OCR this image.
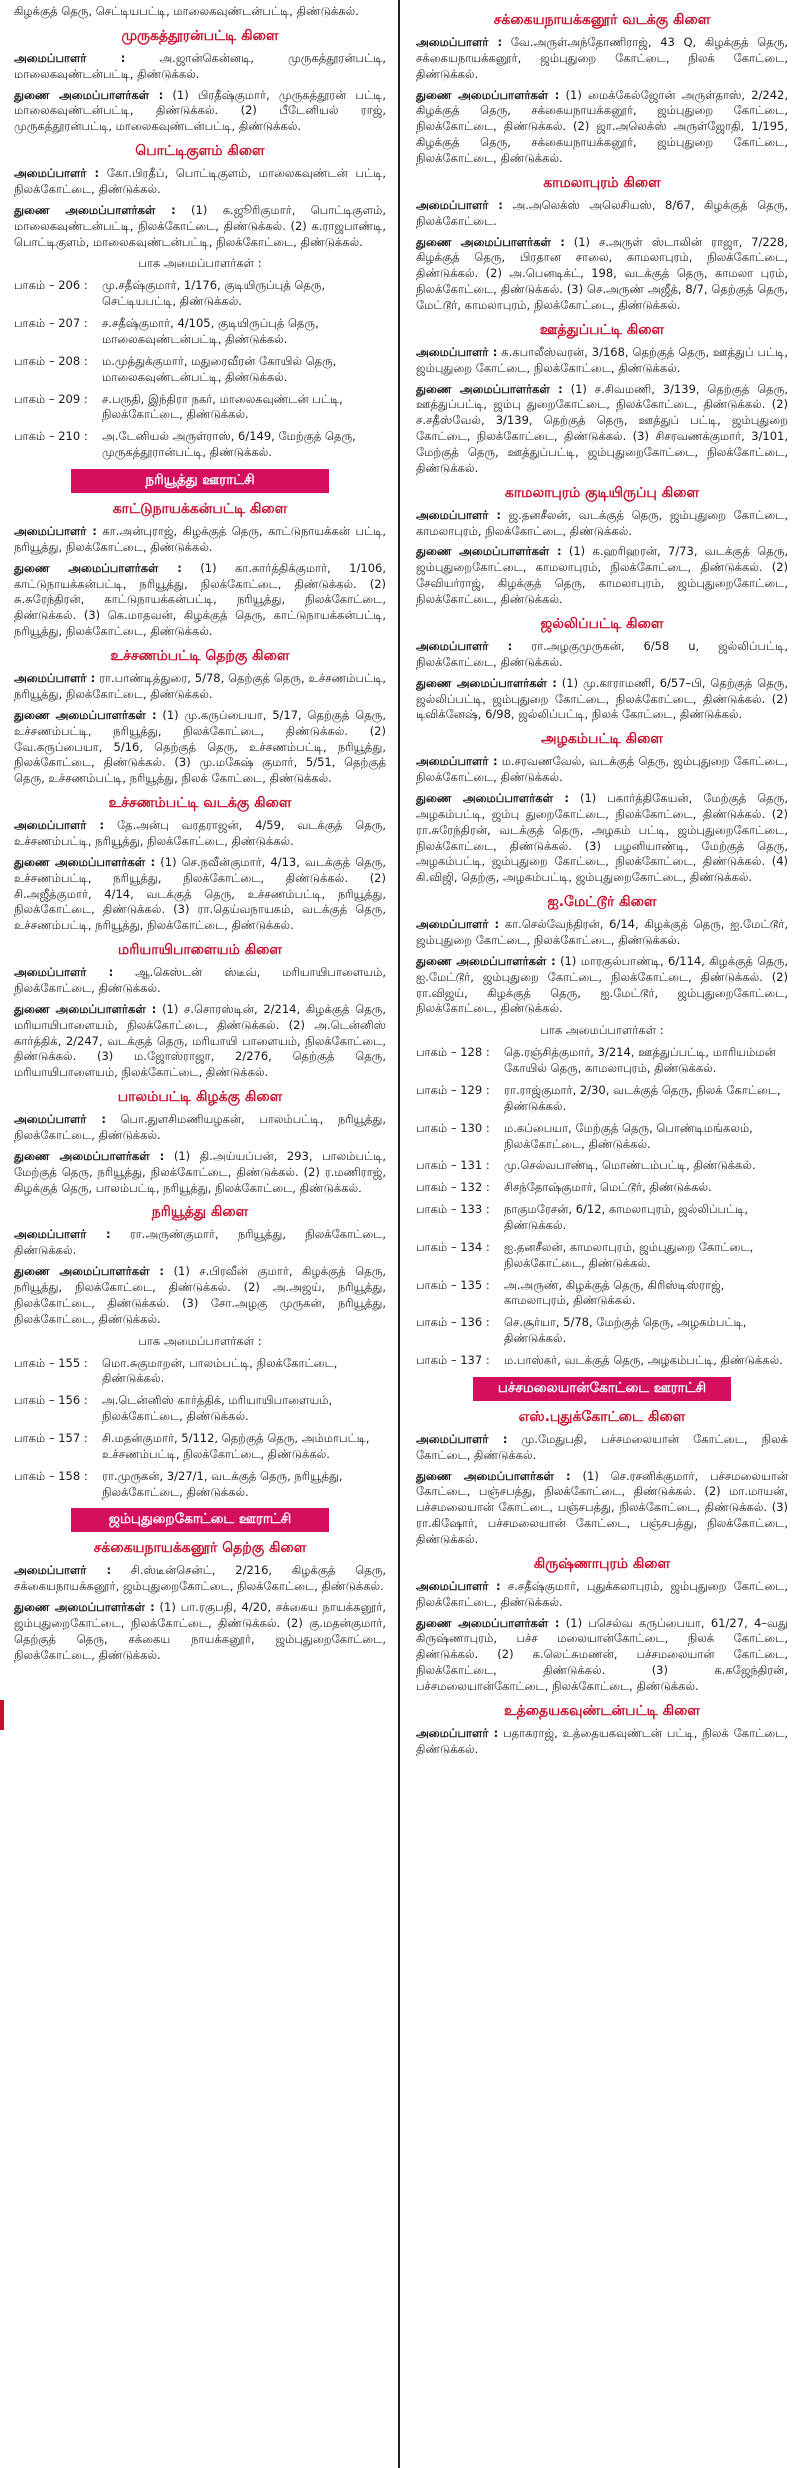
கிழக்குத் தெரு, செட்டியபட்டி, மாலைகவுண்டன்பட்டி, திண்டுக்கல்.

முருகத்தூரன்பட்டி கிளை

அமைப்பாளர் :	அ.ஜான்கென்னடி, முருகத்தூரன்பட்டி, மாலைகவுண்டன்பட்டி, திண்டுக்கல்.

துணை அமைப்பாளர்கள் : (1) பிரதீஷ்குமார், முருகத்தூரன் பட்டி, மாலைகவுண்டன்பட்டி, திண்டுக்கல். (2) பீடேனியல் ராஜ், முருகத்தூரன்பட்டி, மாலைகவுண்டன்பட்டி, திண்டுக்கல்.

பொட்டிகுளம் கிளை

அமைப்பாளர் : கோ.பிரதீப், பொட்டிகுளம், மாலைகவுண்டன் பட்டி, நிலக்கோட்டை, திண்டுக்கல்.

துணை அமைப்பாளர்கள் : (1) க.ஜூரிகுமார், பொட்டிகுளம், மாலைகவுண்டன்பட்டி, நிலக்கோட்டை, திண்டுக்கல். (2) க.ராஜபாண்டி, பொட்டிகுளம், மாலைகவுண்டன்பட்டி, நிலக்கோட்டை, திண்டுக்கல்.

பாக அமைப்பாளர்கள் :
பாகம் – 206 :	மு.சதீஷ்குமார், 1/176, குடியிருப்புத் தெரு, செட்டியபட்டி, திண்டுக்கல்.
பாகம் – 207 :	ச.சதீஷ்குமார், 4/105, குடியிருப்புத் தெரு, மாலைகவுண்டன்பட்டி, திண்டுக்கல்.
பாகம் – 208 :	ம.முத்துக்குமார், மதுரைவீரன் கோயில் தெரு, மாலைகவுண்டன்பட்டி, திண்டுக்கல்.
பாகம் – 209 :	ச.பருதி, இந்திரா நகர், மாலைகவுண்டன் பட்டி, நிலக்கோட்டை, திண்டுக்கல்.
பாகம் – 210 :	அ.டேனியல் அருள்ராஸ், 6/149, மேற்குத் தெரு, முருகத்தூரான்பட்டி, திண்டுக்கல்.
நரியூத்து ஊராட்சி
காட்டுநாயக்கன்பட்டி கிளை

அமைப்பாளர் : கா.அன்புராஜ், கிழக்குத் தெரு, காட்டுநாயக்கன் பட்டி, நரியூத்து, நிலக்கோட்டை, திண்டுக்கல்.

துணை அமைப்பாளர்கள் : (1) கா.கார்த்திக்குமார், 1/106, காட்டுநாயக்கன்பட்டி, நரியூத்து, நிலக்கோட்டை, திண்டுக்கல். (2) சு.சுரேந்திரன், காட்டுநாயக்கன்பட்டி, நரியூத்து, நிலக்கோட்டை, திண்டுக்கல். (3) கெ.மாதவன், கிழக்குத் தெரு, காட்டுநாயக்கன்பட்டி, நரியூத்து, நிலக்கோட்டை, திண்டுக்கல்.

உச்சணம்பட்டி தெற்கு கிளை

அமைப்பாளர் : ரா.பாண்டித்துரை, 5/78, தெற்குத் தெரு, உச்சணம்பட்டி, நரியூத்து, நிலக்கோட்டை, திண்டுக்கல்.

துணை அமைப்பாளர்கள் : (1) மு.கருப்பையா, 5/17, தெற்குத் தெரு, உச்சணம்பட்டி, நரியூத்து, நிலக்கோட்டை, திண்டுக்கல். (2) வே.கருப்பையா, 5/16, தெற்குத் தெரு, உச்சணம்பட்டி, நரியூத்து, நிலக்கோட்டை, திண்டுக்கல். (3) மு.மகேஷ் குமார், 5/51, தெற்குத் தெரு, உச்சணம்பட்டி, நரியூத்து, நிலக் கோட்டை, திண்டுக்கல்.

உச்சணம்பட்டி வடக்கு கிளை

அமைப்பாளர் : தே.அன்பு வரதராஜன், 4/59, வடக்குத் தெரு, உச்சணம்பட்டி, நரியூத்து, நிலக்கோட்டை, திண்டுக்கல்.

துணை அமைப்பாளர்கள் : (1) செ.நவீன்குமார், 4/13, வடக்குத் தெரு, உச்சணம்பட்டி, நரியூத்து, நிலக்கோட்டை, திண்டுக்கல். (2) சி.அஜீத்குமார், 4/14, வடக்குத் தெரு, உச்சணம்பட்டி, நரியூத்து, நிலக்கோட்டை, திண்டுக்கல். (3) ரா.தெய்வநாயகம், வடக்குத் தெரு, உச்சணம்பட்டி, நரியூத்து, நிலக்கோட்டை, திண்டுக்கல்.

மரியாயிபாளையம் கிளை

அமைப்பாளர் : ஆ.கெஸ்டன் ஸ்டீவ், மரியாயிபாளையம், நிலக்கோட்டை, திண்டுக்கல்.

துணை அமைப்பாளர்கள் : (1) ச.சொரஸ்டின், 2/214, கிழக்குத் தெரு, மரியாயிபாளையம், நிலக்கோட்டை, திண்டுக்கல். (2) அ.டென்னிஸ் கார்த்திக், 2/247, வடக்குத் தெரு, மரியாயி பாளையம், நிலக்கோட்டை, திண்டுக்கல். (3) ம.ஜோஸ்ராஜா, 2/276, தெற்குத் தெரு, மரியாயிபாளையம், நிலக்கோட்டை, திண்டுக்கல்.

பாலம்பட்டி கிழக்கு கிளை

அமைப்பாளர் : பொ.துளசிமணியழகன், பாலம்பட்டி, நரியூத்து, நிலக்கோட்டை, திண்டுக்கல்.

துணை அமைப்பாளர்கள் : (1) தி.அய்யப்பன், 293, பாலம்பட்டி, மேற்குத் தெரு, நரியூத்து, நிலக்கோட்டை, திண்டுக்கல். (2) ர.மணிராஜ், கிழக்குத் தெரு, பாலம்பட்டி, நரியூத்து, நிலக்கோட்டை, திண்டுக்கல்.

நரியூத்து கிளை

அமைப்பாளர் : ரா.அருண்குமார், நரியூத்து, நிலக்கோட்டை, திண்டுக்கல்.

துணை அமைப்பாளர்கள் : (1) ச.பிரவீன் குமார், கிழக்குத் தெரு, நரியூத்து, நிலக்கோட்டை, திண்டுக்கல். (2) அ.அஜய், நரியூத்து, நிலக்கோட்டை, திண்டுக்கல். (3) சோ.அழகு முருகன், நரியூத்து, நிலக்கோட்டை, திண்டுக்கல்.

பாக அமைப்பாளர்கள் :
பாகம் – 155 :	மொ.சுகுமாறன், பாலம்பட்டி, நிலக்கோட்டை, திண்டுக்கல்.
பாகம் – 156 :	அ.டென்னிஸ் கார்த்திக், மரியாயிபாளையம், நிலக்கோட்டை, திண்டுக்கல்.
பாகம் – 157 :	சி.மதன்குமார், 5/112, தெற்குத் தெரு, அம்மாபட்டி, உச்சணம்பட்டி, நிலக்கோட்டை, திண்டுக்கல்.
பாகம் – 158 :	ரா.முருகன், 3/27/1, வடக்குத் தெரு, நரியூத்து, நிலக்கோட்டை, திண்டுக்கல்.
ஜம்புதுறைகோட்டை ஊராட்சி
சக்கையநாயக்கனூர் தெற்கு கிளை

அமைப்பாளர் : சி.ஸ்டீன்சென்ட், 2/216, கிழக்குத் தெரு, சக்கையநாயக்கனூர், ஜம்புதுறைகோட்டை, நிலக்கோட்டை, திண்டுக்கல்.

துணை அமைப்பாளர்கள் : (1) பா.ரகுபதி, 4/20, சக்கைய நாயக்கனூர், ஜம்புதுறைகோட்டை, நிலக்கோட்டை, திண்டுக்கல். (2) கு.மதன்குமார், தெற்குத் தெரு, சக்கைய நாயக்கனூர், ஜம்புதுறைகோட்டை, நிலக்கோட்டை, திண்டுக்கல்.

சக்கையநாயக்கனூர் வடக்கு கிளை

அமைப்பாளர் : வே.அருள்அந்தோணிராஜ், 43 Q, கிழக்குத் தெரு, சக்கையநாயக்கனூர், ஜம்புதுறை கோட்டை, நிலக் கோட்டை, திண்டுக்கல்.

துணை அமைப்பாளர்கள் : (1) மைக்கேல்ஜோன் அருள்தாஸ், 2/242, கிழக்குத் தெரு, சக்கையநாயக்கனூர், ஜம்புதுறை கோட்டை, நிலக்கோட்டை, திண்டுக்கல். (2) ஜா.அலெக்ஸ் அருள்ஜோதி, 1/195, கிழக்குத் தெரு, சக்கையநாயக்கனூர், ஜம்புதுறை கோட்டை, நிலக்கோட்டை, திண்டுக்கல்.

காமலாபுரம் கிளை

அமைப்பாளர் : அ.அலெக்ஸ் அலெசியஸ், 8/67, கிழக்குத் தெரு, நிலக்கோட்டை.

துணை அமைப்பாளர்கள் : (1) ச.அருள் ஸ்டாலின் ராஜா, 7/228, கிழக்குத் தெரு, பிரதான சாலை, காமலாபுரம், நிலக்கோட்டை, திண்டுக்கல். (2) அ.பெனடிக்ட், 198, வடக்குத் தெரு, காமலா புரம், நிலக்கோட்டை, திண்டுக்கல். (3) செ.அருண் அஜீத், 8/7, தெற்குத் தெரு, மேட்டூர், காமலாபுரம், நிலக்கோட்டை, திண்டுக்கல்.

ஊத்துப்பட்டி கிளை

அமைப்பாளர் : க.கபாலீஸ்வரன், 3/168, தெற்குத் தெரு, ஊத்துப் பட்டி, ஜம்புதுறை கோட்டை, நிலக்கோட்டை, திண்டுக்கல்.

துணை அமைப்பாளர்கள் : (1) ச.சிவமணி, 3/139, தெற்குத் தெரு, ஊத்துப்பட்டி, ஜம்பு துறைகோட்டை, நிலக்கோட்டை, திண்டுக்கல். (2) ச.சதீஸ்வேல், 3/139, தெற்குத் தெரு, ஊத்துப் பட்டி, ஜம்புதுறை கோட்டை, நிலக்கோட்டை, திண்டுக்கல். (3) சிசரவணக்குமார், 3/101, மேற்குத் தெரு, ஊத்துப்பட்டி, ஜம்புதுறைகோட்டை, நிலக்கோட்டை, திண்டுக்கல்.

காமலாபுரம் குடியிருப்பு கிளை

அமைப்பாளர் : ஜ.தனசீலன், வடக்குத் தெரு, ஜம்புதுறை கோட்டை, காமலாபுரம், நிலக்கோட்டை, திண்டுக்கல்.

துணை அமைப்பாளர்கள் : (1) க.ஹரிஹரன், 7/73, வடக்குத் தெரு, ஜம்புதுறைகோட்டை, காமலாபுரம், நிலக்கோட்டை, திண்டுக்கல். (2) சேவியர்ராஜ், கிழக்குத் தெரு, காமலாபுரம், ஜம்புதுறைகோட்டை, நிலக்கோட்டை, திண்டுக்கல்.

ஜல்லிப்பட்டி கிளை

அமைப்பாளர் : ரா.அழகுமுருகன், 6/58 u, ஜல்லிப்பட்டி, நிலக்கோட்டை, திண்டுக்கல்.

துணை அமைப்பாளர்கள் : (1) மு.காராமணி, 6/57–பி, தெற்குத் தெரு, ஜல்லிப்பட்டி, ஜம்புதுறை கோட்டை, நிலக்கோட்டை, திண்டுக்கல். (2) டிவிக்னேஷ், 6/98, ஜல்லிப்பட்டி, நிலக் கோட்டை, திண்டுக்கல்.

அழகம்பட்டி கிளை

அமைப்பாளர் : ம.சரவணவேல், வடக்குத் தெரு, ஜம்புதுறை கோட்டை, நிலக்கோட்டை, திண்டுக்கல்.

துணை அமைப்பாளர்கள் : (1) பகார்த்திகேயன், மேற்குத் தெரு, அழகம்பட்டி, ஜம்பு துறைகோட்டை, நிலக்கோட்டை, திண்டுக்கல். (2) ரா.சுரேந்திரன், வடக்குத் தெரு, அழகம் பட்டி, ஜம்புதுறைகோட்டை, நிலக்கோட்டை, திண்டுக்கல். (3) பழனியாண்டி, மேற்குத் தெரு, அழகம்பட்டி, ஜம்புதுறை கோட்டை, நிலக்கோட்டை, திண்டுக்கல். (4) கி.விஜி, தெற்கு, அழகம்பட்டி, ஜம்புதுறைகோட்டை, திண்டுக்கல்.

ஐ.மேட்டூர் கிளை

அமைப்பாளர் : கா.செல்வேந்திரன், 6/14, கிழக்குத் தெரு, ஐ.மேட்டூர், ஜம்புதுறை கோட்டை, நிலக்கோட்டை, திண்டுக்கல்.

துணை அமைப்பாளர்கள் : (1) மாரகுல்பாண்டி, 6/114, கிழக்குத் தெரு, ஐ.மேட்டூர், ஜம்புதுறை கோட்டை, நிலக்கோட்டை, திண்டுக்கல். (2) ரா.விஜய், கிழக்குத் தெரு, ஐ.மேட்டூர், ஜம்புதுறைகோட்டை, நிலக்கோட்டை, திண்டுக்கல்.

பாக அமைப்பாளர்கள் :
பாகம் – 128 :	தெ.ரஞ்சித்குமார், 3/214, ஊத்துப்பட்டி, மாரியம்மன் கோயில் தெரு, காமலாபுரம், திண்டுக்கல்.
பாகம் – 129 :	ரா.ராஜ்குமார், 2/30, வடக்குத் தெரு, நிலக் கோட்டை, திண்டுக்கல்.
பாகம் – 130 :	ம.கப்பையா, மேற்குத் தெரு, பொண்டிமங்கலம், நிலக்கோட்டை, திண்டுக்கல்.
பாகம் – 131 :	மு.செல்வபாண்டி, மொண்டம்பட்டி, திண்டுக்கல்.
பாகம் – 132 :	சிசந்தோஷ்குமார், மெட்டூர், திண்டுக்கல்.
பாகம் – 133 :	நாகுமரேசன், 6/12, காமலாபுரம், ஜல்லிப்பட்டி, திண்டுக்கல்.
பாகம் – 134 :	ஐ.தனசீலன், காமலாபுரம், ஜம்புதுறை கோட்டை, நிலக்கோட்டை, திண்டுக்கல்.
பாகம் – 135 :	அ.அருண், கிழக்குத் தெரு, கிரிஸ்டிஸ்ராஜ், காமலாபுரம், திண்டுக்கல்.
பாகம் – 136 :	செ.சூர்யா, 5/78, மேற்குத் தெரு, அழகம்பட்டி, திண்டுக்கல்.
பாகம் – 137 :	ம.பாஸ்கர், வடக்குத் தெரு, அழகம்பட்டி, திண்டுக்கல்.
பச்சமலையான்கோட்டை ஊராட்சி
எஸ்.புதுக்கோட்டை கிளை

அமைப்பாளர் : மு.மேதுபதி, பச்சமலையான் கோட்டை, நிலக் கோட்டை, திண்டுக்கல்.

துணை அமைப்பாளர்கள் : (1) செ.ரசனிக்குமார், பச்சமலையான் கோட்டை, பஞ்சபத்து, நிலக்கோட்டை, திண்டுக்கல். (2) மா.மாயன், பச்சமலையான் கோட்டை, பஞ்சபத்து, நிலக்கோட்டை, திண்டுக்கல். (3) ரா.கிஷோர், பச்சமலையான் கோட்டை, பஞ்சபத்து, நிலக்கோட்டை, திண்டுக்கல்.

கிருஷ்ணாபுரம் கிளை

அமைப்பாளர் : ச.சதீஷ்குமார், புதுக்கலாபுரம், ஜம்புதுறை கோட்டை, நிலக்கோட்டை, திண்டுக்கல்.

துணை அமைப்பாளர்கள் : (1) பசெல்வ கருப்பையா, 61/27, 4–வது கிருஷ்ணாபுரம், பச்ச மலையான்கோட்டை, நிலக் கோட்டை, திண்டுக்கல். (2) க.லெட்சுமணன், பச்சமலையான் கோட்டை, நிலக்கோட்டை, திண்டுக்கல். (3) க.கஜேந்திரன், பச்சமலையான்கோட்டை, நிலக்கோட்டை, திண்டுக்கல்.

உத்தையகவுண்டன்பட்டி கிளை

அமைப்பாளர் : பதாகராஜ், உத்தையகவுண்டன் பட்டி, நிலக் கோட்டை, திண்டுக்கல்.
